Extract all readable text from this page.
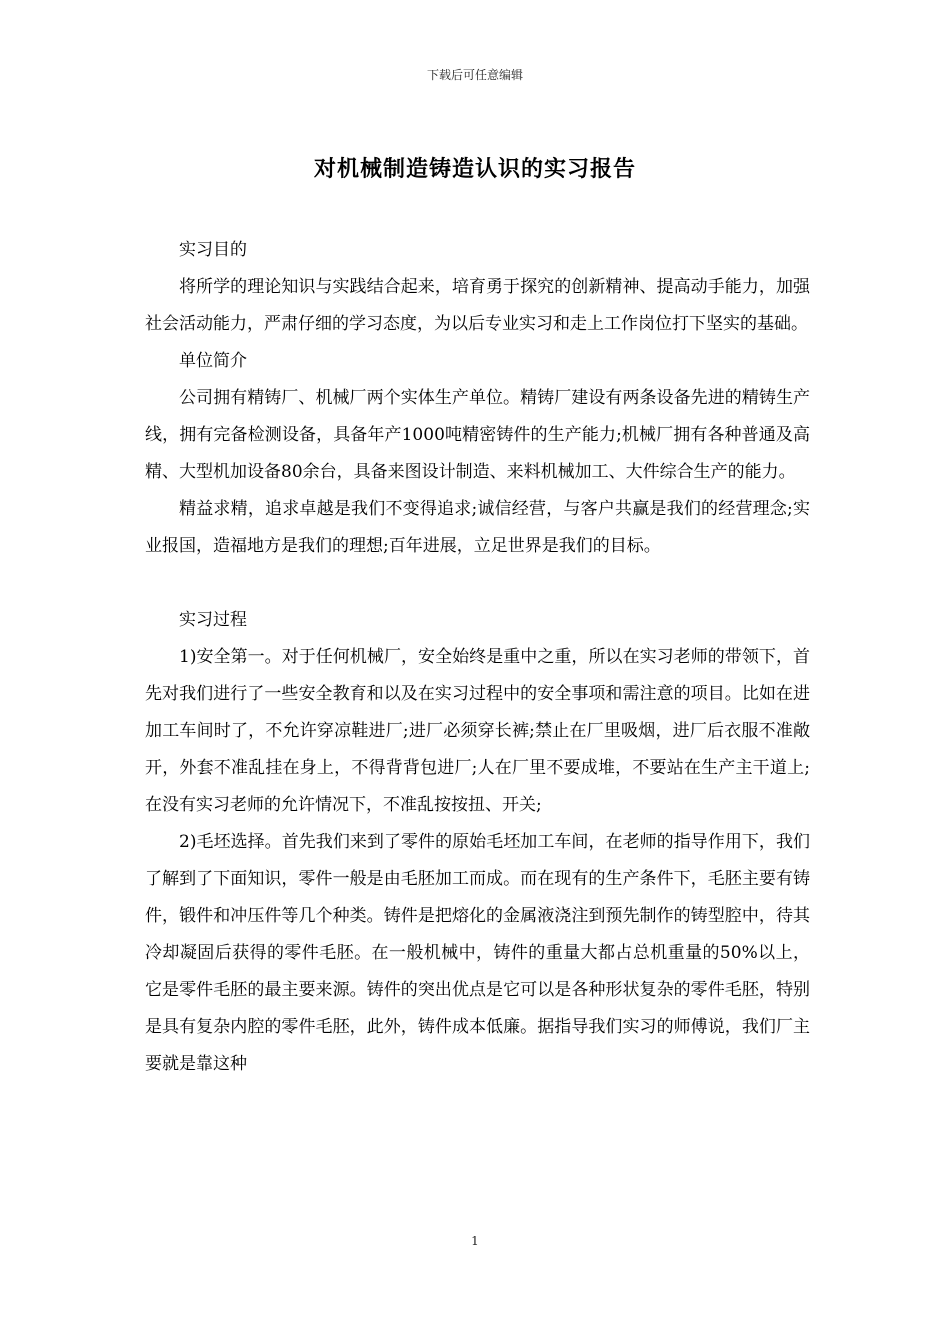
下载后可任意编辑
对机械制造铸造认识的实习报告

实习目的

将所学的理论知识与实践结合起来，培育勇于探究的创新精神、提高动手能力，加强社会活动能力，严肃仔细的学习态度，为以后专业实习和走上工作岗位打下坚实的基础。

单位简介

公司拥有精铸厂、机械厂两个实体生产单位。精铸厂建设有两条设备先进的精铸生产线，拥有完备检测设备，具备年产1000吨精密铸件的生产能力;机械厂拥有各种普通及高精、大型机加设备80余台，具备来图设计制造、来料机械加工、大件综合生产的能力。

精益求精，追求卓越是我们不变得追求;诚信经营，与客户共赢是我们的经营理念;实业报国，造福地方是我们的理想;百年进展，立足世界是我们的目标。

实习过程

1)安全第一。对于任何机械厂，安全始终是重中之重，所以在实习老师的带领下，首先对我们进行了一些安全教育和以及在实习过程中的安全事项和需注意的项目。比如在进加工车间时了，不允许穿凉鞋进厂;进厂必须穿长裤;禁止在厂里吸烟，进厂后衣服不准敞开，外套不准乱挂在身上，不得背背包进厂;人在厂里不要成堆，不要站在生产主干道上;在没有实习老师的允许情况下，不准乱按按扭、开关;

2)毛坯选择。首先我们来到了零件的原始毛坯加工车间，在老师的指导作用下，我们了解到了下面知识，零件一般是由毛胚加工而成。而在现有的生产条件下，毛胚主要有铸件，锻件和冲压件等几个种类。铸件是把熔化的金属液浇注到预先制作的铸型腔中，待其冷却凝固后获得的零件毛胚。在一般机械中，铸件的重量大都占总机重量的50%以上，它是零件毛胚的最主要来源。铸件的突出优点是它可以是各种形状复杂的零件毛胚，特别是具有复杂内腔的零件毛胚，此外，铸件成本低廉。据指导我们实习的师傅说，我们厂主要就是靠这种

1
